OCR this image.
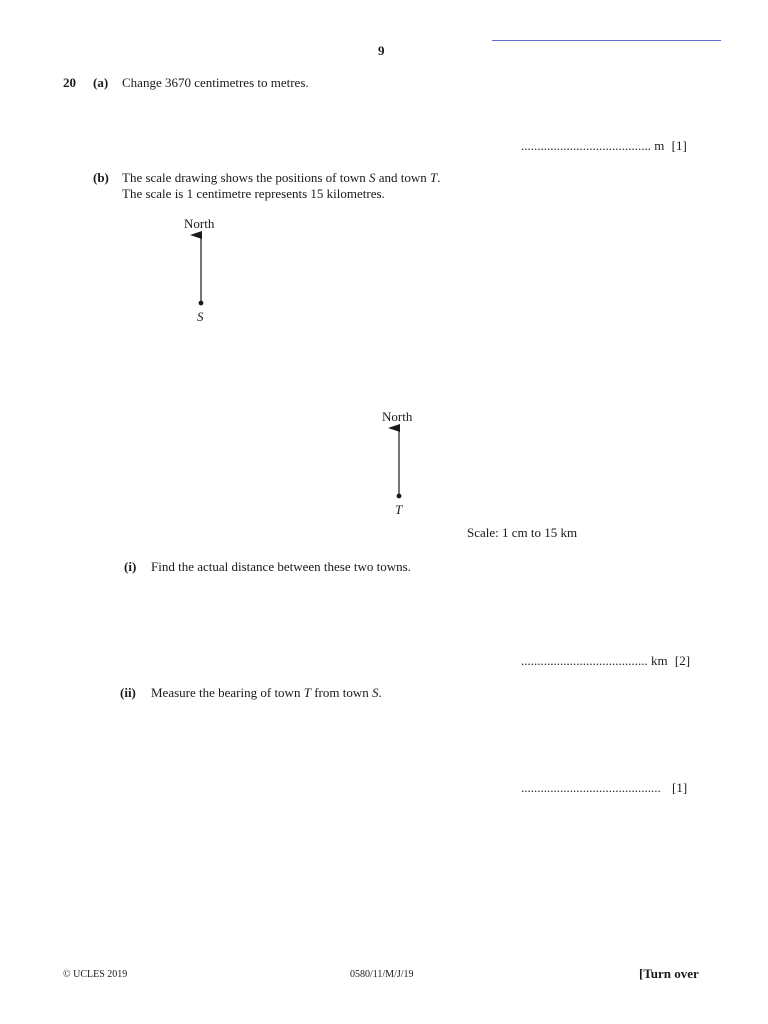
9
20 (a) Change 3670 centimetres to metres.
........................................ m [1]
(b) The scale drawing shows the positions of town S and town T.
The scale is 1 centimetre represents 15 kilometres.
North
S
North
T
Scale: 1 cm to 15 km
(i) Find the actual distance between these two towns.
....................................... km [2]
(ii) Measure the bearing of town T from town S.
........................................... [1]
© UCLES 2019	0580/11/M/J/19	[Turn over
